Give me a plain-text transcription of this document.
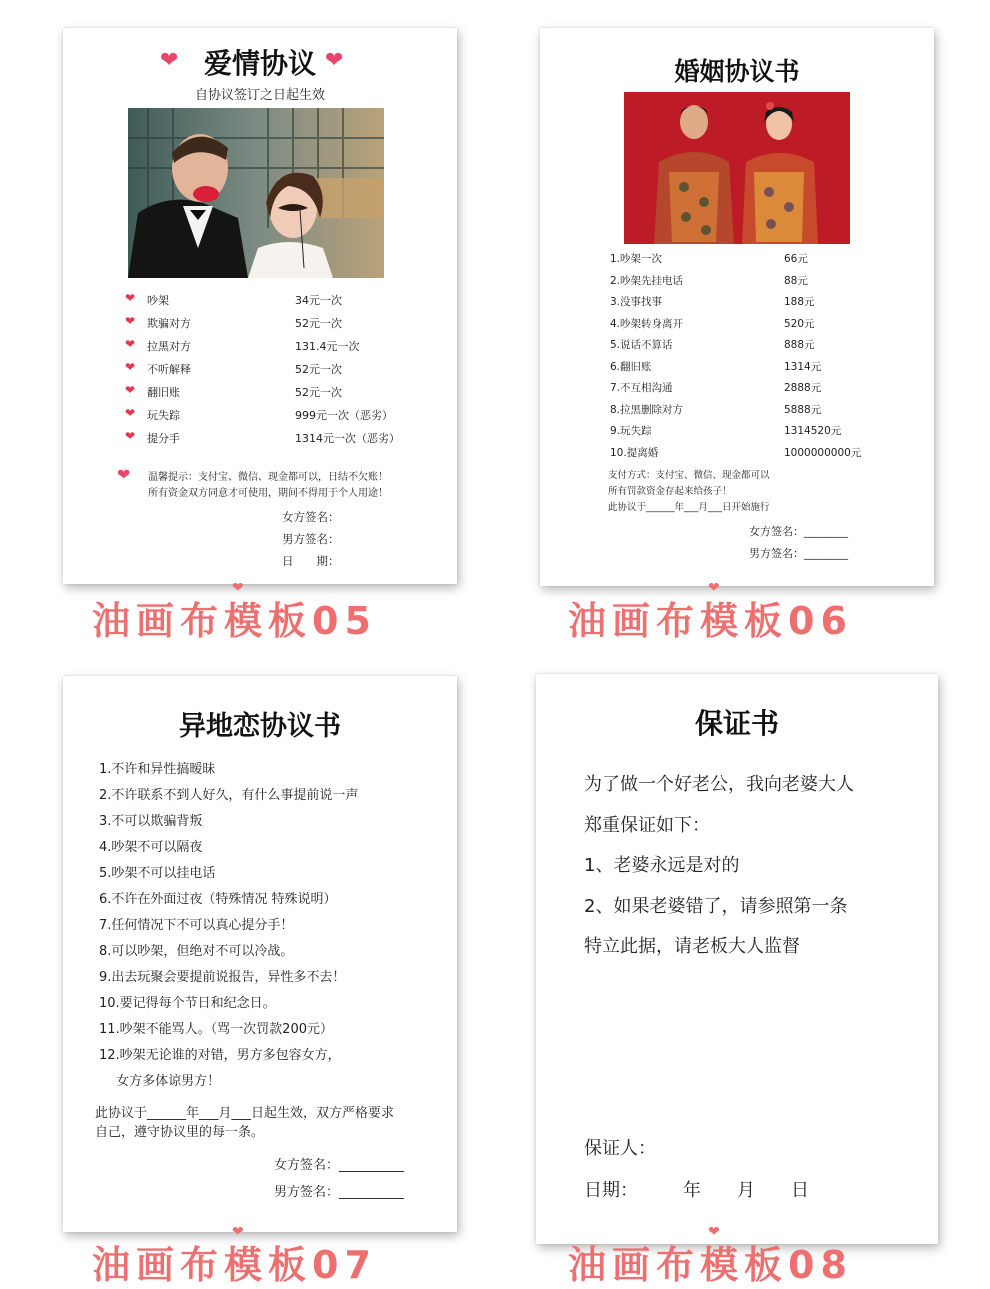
❤ 爱情协议 ❤
自协议签订之日起生效
❤ 吵架	34元一次
❤ 欺骗对方	52元一次
❤ 拉黑对方	131.4元一次
❤ 不听解释	52元一次
❤ 翻旧账	52元一次
❤ 玩失踪	999元一次（恶劣）
❤ 提分手	1314元一次（恶劣）
❤ 温馨提示：支付宝、微信、现金都可以，日结不欠账！
所有资金双方同意才可使用，期间不得用于个人用途！
女方签名：
男方签名：
日　　期：
❤
油画布模板05
婚姻协议书
1.吵架一次	66元
2.吵架先挂电话	88元
3.没事找事	188元
4.吵架转身离开	520元
5.说话不算话	888元
6.翻旧账	1314元
7.不互相沟通	2888元
8.拉黑删除对方	5888元
9.玩失踪	1314520元
10.提离婚	1000000000元
支付方式：支付宝、微信、现金都可以
所有罚款资金存起来给孩子！
此协议于______年___月___日开始施行
女方签名：________
男方签名：________
❤
油画布模板06
异地恋协议书
1.不许和异性搞暧昧
2.不许联系不到人好久，有什么事提前说一声
3.不可以欺骗背叛
4.吵架不可以隔夜
5.吵架不可以挂电话
6.不许在外面过夜（特殊情况 特殊说明）
7.任何情况下不可以真心提分手！
8.可以吵架，但绝对不可以冷战。
9.出去玩聚会要提前说报告，异性多不去！
10.要记得每个节日和纪念日。
11.吵架不能骂人。（骂一次罚款200元）
12.吵架无论谁的对错，男方多包容女方，
　 女方多体谅男方！
此协议于______年___月___日起生效，双方严格要求
自己，遵守协议里的每一条。
女方签名：__________
男方签名：__________
❤
油画布模板07
保证书
为了做一个好老公，我向老婆大人
郑重保证如下：
1、老婆永远是对的
2、如果老婆错了，请参照第一条
特立此据，请老板大人监督
保证人：
日期：　　　年　　月　　日
❤
油画布模板08
